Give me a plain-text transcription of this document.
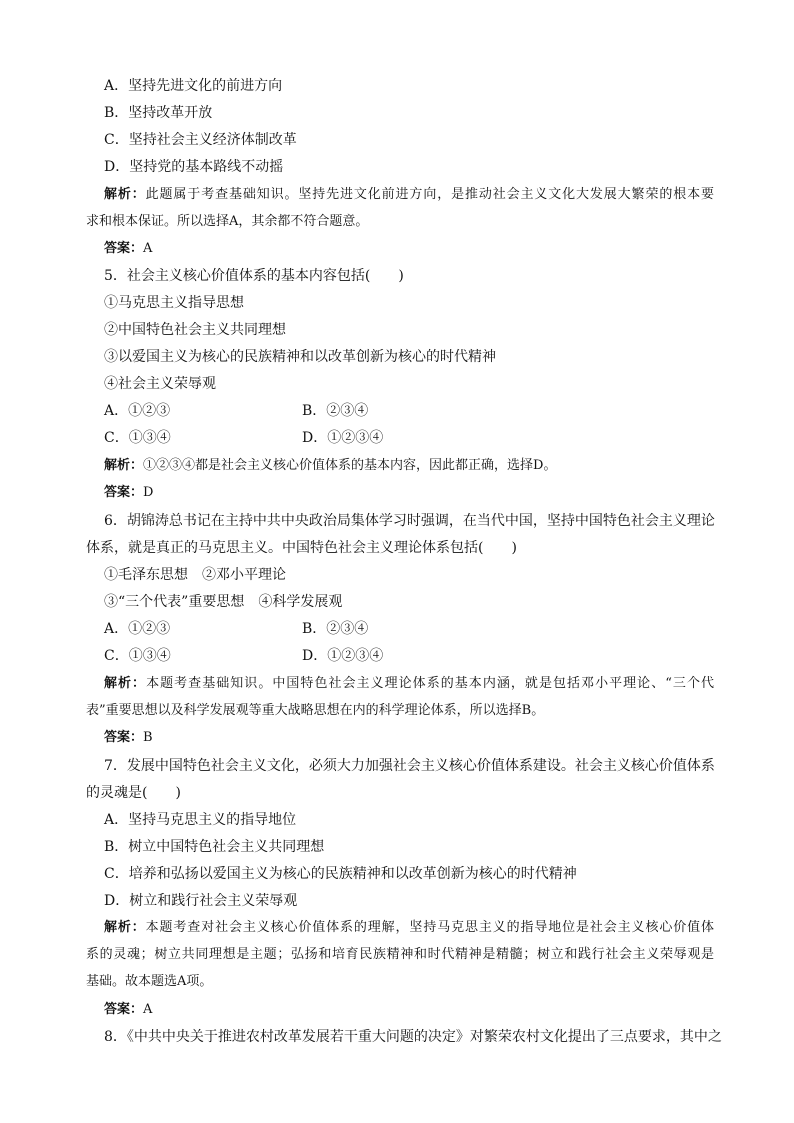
A．坚持先进文化的前进方向
B．坚持改革开放
C．坚持社会主义经济体制改革
D．坚持党的基本路线不动摇
解析：此题属于考查基础知识。坚持先进文化前进方向，是推动社会主义文化大发展大繁荣的根本要
求和根本保证。所以选择A，其余都不符合题意。
答案：A
5．社会主义核心价值体系的基本内容包括(　　)
①马克思主义指导思想
②中国特色社会主义共同理想
③以爱国主义为核心的民族精神和以改革创新为核心的时代精神
④社会主义荣辱观
A．①②③	B．②③④
C．①③④	D．①②③④
解析：①②③④都是社会主义核心价值体系的基本内容，因此都正确，选择D。
答案：D
6．胡锦涛总书记在主持中共中央政治局集体学习时强调，在当代中国，坚持中国特色社会主义理论
体系，就是真正的马克思主义。中国特色社会主义理论体系包括(　　)
①毛泽东思想　②邓小平理论
③“三个代表”重要思想　④科学发展观
A．①②③	B．②③④
C．①③④	D．①②③④
解析：本题考查基础知识。中国特色社会主义理论体系的基本内涵，就是包括邓小平理论、“三个代
表”重要思想以及科学发展观等重大战略思想在内的科学理论体系，所以选择B。
答案：B
7．发展中国特色社会主义文化，必须大力加强社会主义核心价值体系建设。社会主义核心价值体系
的灵魂是(　　)
A．坚持马克思主义的指导地位
B．树立中国特色社会主义共同理想
C．培养和弘扬以爱国主义为核心的民族精神和以改革创新为核心的时代精神
D．树立和践行社会主义荣辱观
解析：本题考查对社会主义核心价值体系的理解，坚持马克思主义的指导地位是社会主义核心价值体
系的灵魂；树立共同理想是主题；弘扬和培育民族精神和时代精神是精髓；树立和践行社会主义荣辱观是
基础。故本题选A项。
答案：A
8．《中共中央关于推进农村改革发展若干重大问题的决定》对繁荣农村文化提出了三点要求，其中之
